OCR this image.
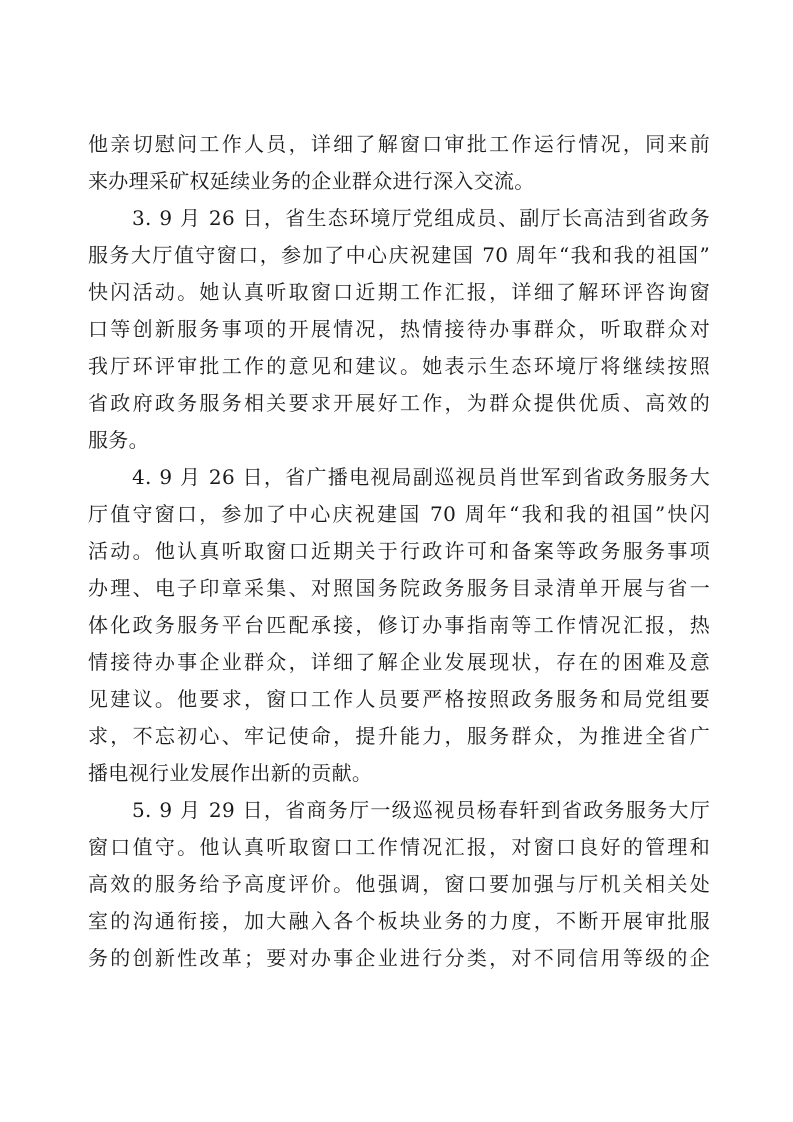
他亲切慰问工作人员，详细了解窗口审批工作运行情况，同来前
来办理采矿权延续业务的企业群众进行深入交流。
3. 9 月 26 日，省生态环境厅党组成员、副厅长高洁到省政务
服务大厅值守窗口，参加了中心庆祝建国 70 周年“我和我的祖国”
快闪活动。她认真听取窗口近期工作汇报，详细了解环评咨询窗
口等创新服务事项的开展情况，热情接待办事群众，听取群众对
我厅环评审批工作的意见和建议。她表示生态环境厅将继续按照
省政府政务服务相关要求开展好工作，为群众提供优质、高效的
服务。
4. 9 月 26 日，省广播电视局副巡视员肖世军到省政务服务大
厅值守窗口，参加了中心庆祝建国 70 周年“我和我的祖国”快闪
活动。他认真听取窗口近期关于行政许可和备案等政务服务事项
办理、电子印章采集、对照国务院政务服务目录清单开展与省一
体化政务服务平台匹配承接，修订办事指南等工作情况汇报，热
情接待办事企业群众，详细了解企业发展现状，存在的困难及意
见建议。他要求，窗口工作人员要严格按照政务服务和局党组要
求，不忘初心、牢记使命，提升能力，服务群众，为推进全省广
播电视行业发展作出新的贡献。
5. 9 月 29 日，省商务厅一级巡视员杨春轩到省政务服务大厅
窗口值守。他认真听取窗口工作情况汇报，对窗口良好的管理和
高效的服务给予高度评价。他强调，窗口要加强与厅机关相关处
室的沟通衔接，加大融入各个板块业务的力度，不断开展审批服
务的创新性改革；要对办事企业进行分类，对不同信用等级的企
